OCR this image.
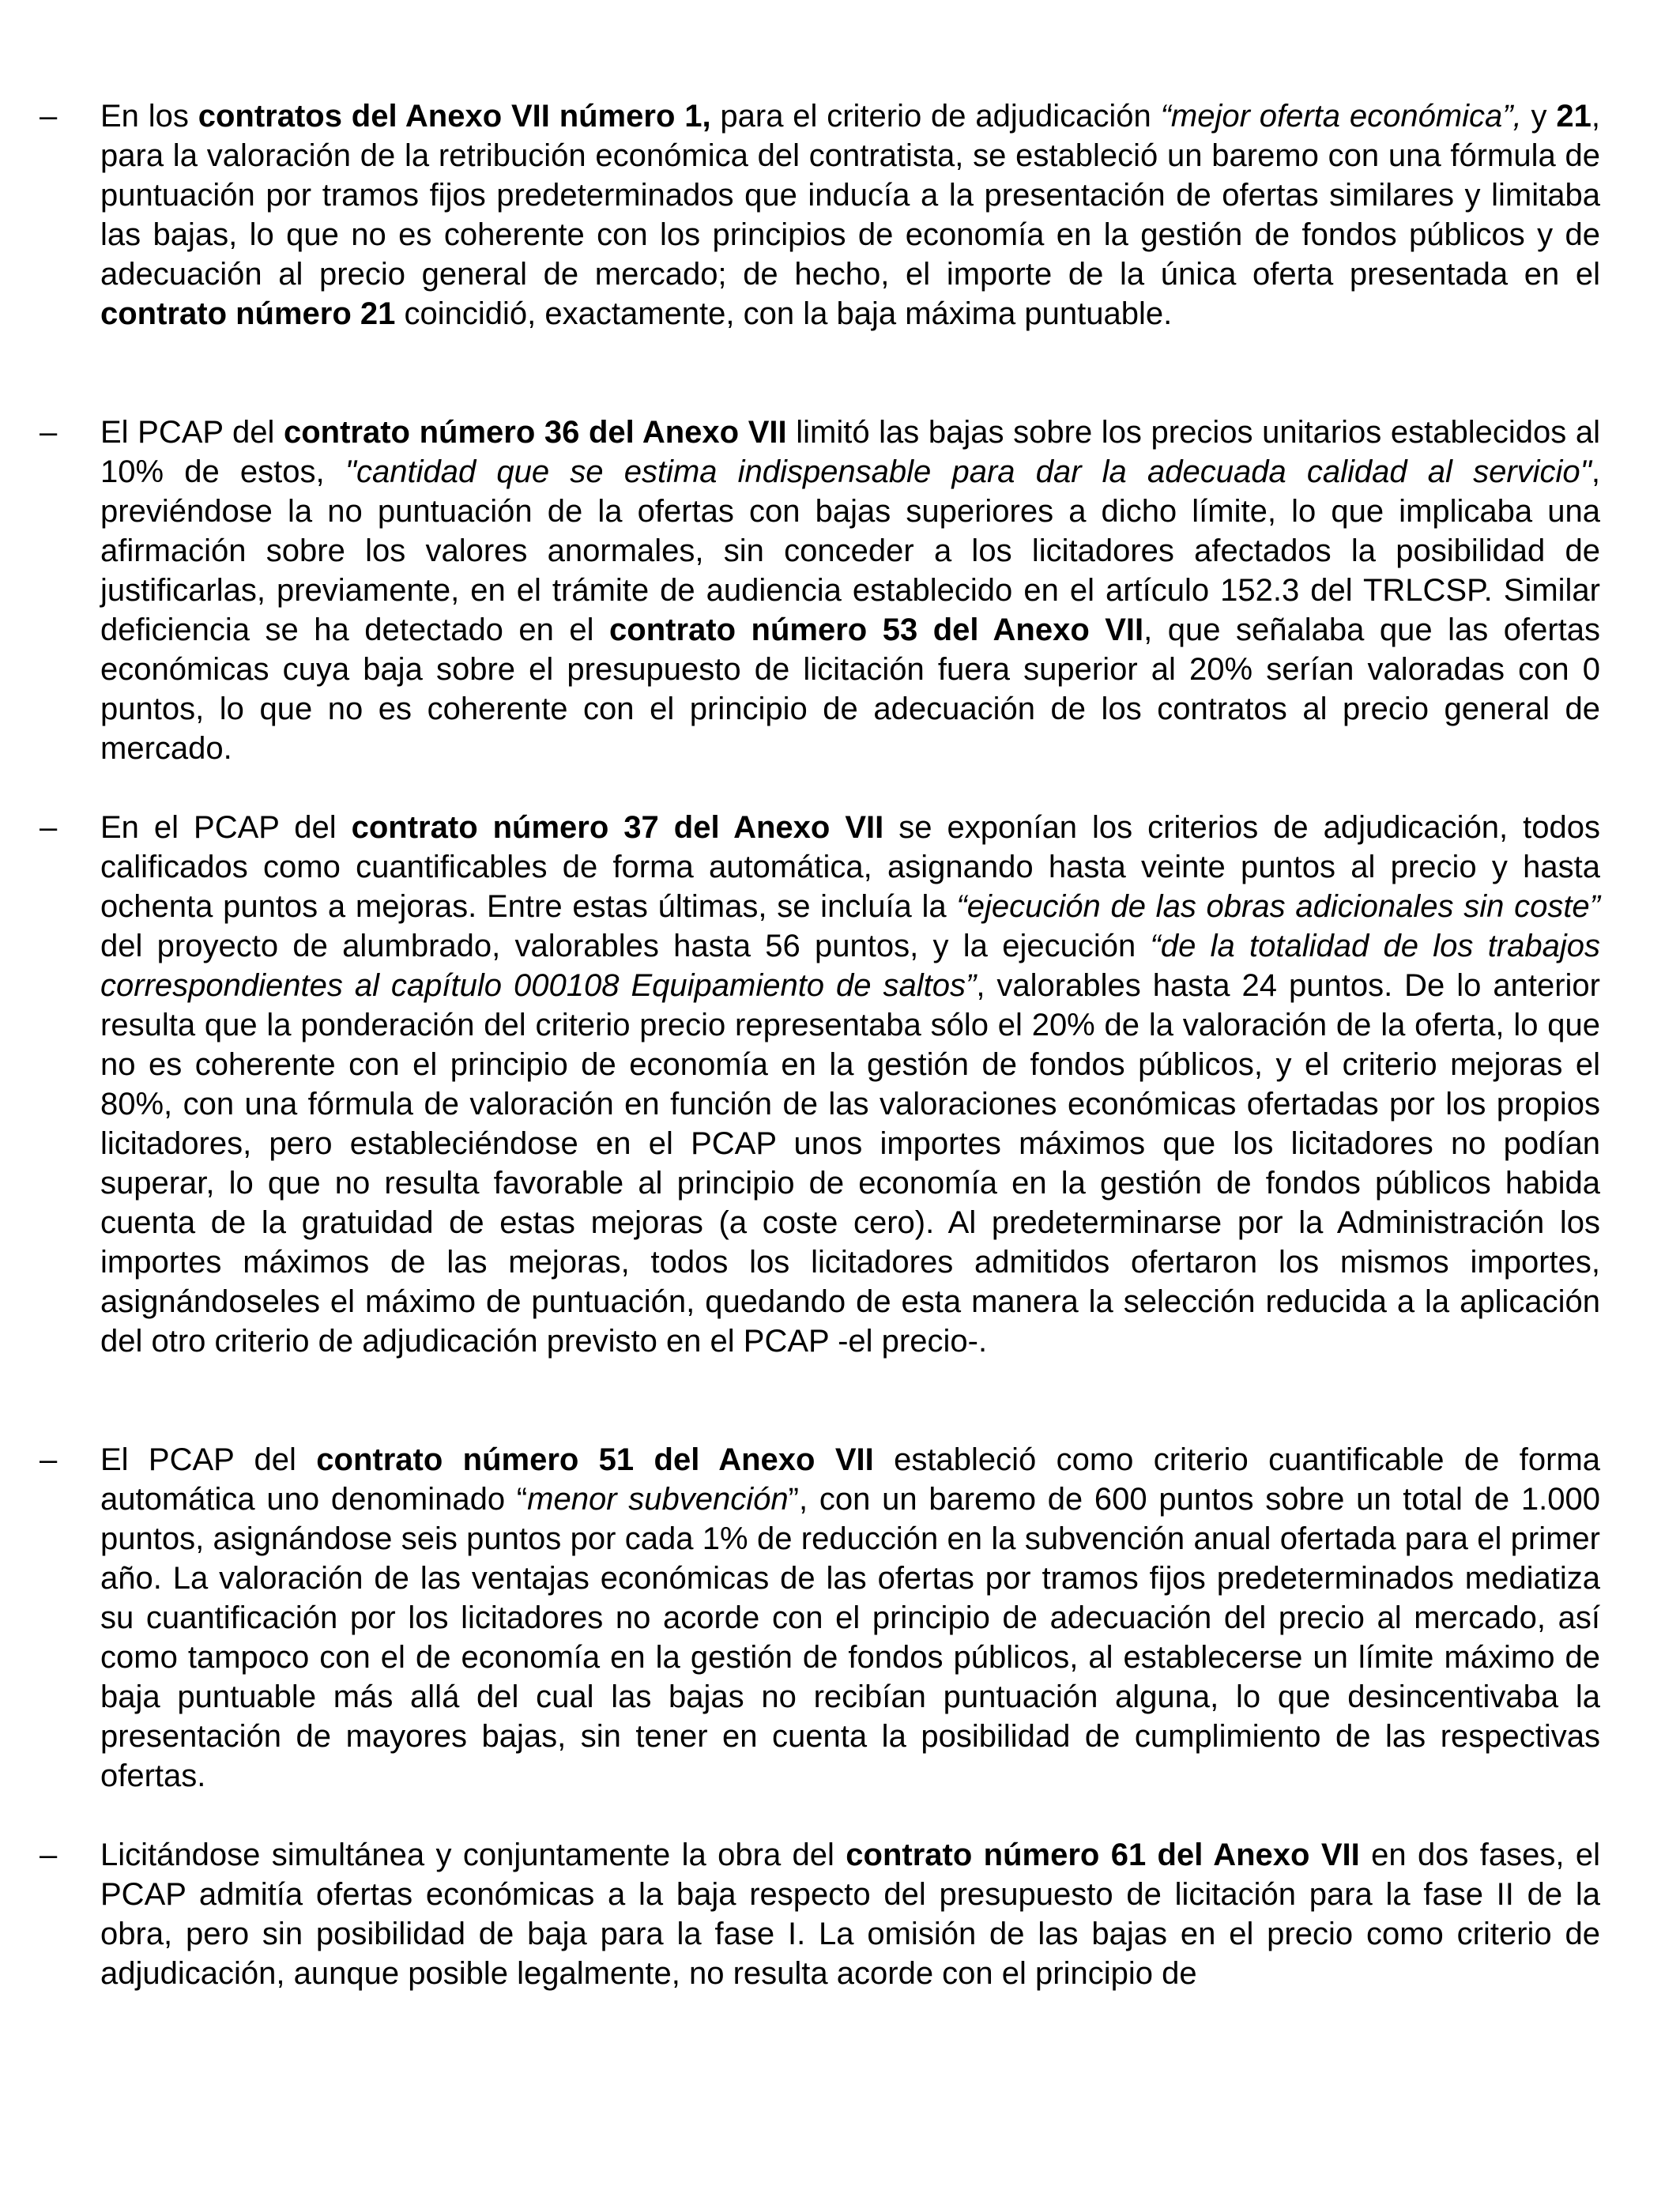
–	En los contratos del Anexo VII número 1, para el criterio de adjudicación “mejor oferta económica”, y 21, para la valoración de la retribución económica del contratista, se estableció un baremo con una fórmula de puntuación por tramos fijos predeterminados que inducía a la presentación de ofertas similares y limitaba las bajas, lo que no es coherente con los principios de economía en la gestión de fondos públicos y de adecuación al precio general de mercado; de hecho, el importe de la única oferta presentada en el contrato número 21 coincidió, exactamente, con la baja máxima puntuable.

–	El PCAP del contrato número 36 del Anexo VII limitó las bajas sobre los precios unitarios establecidos al 10% de estos, "cantidad que se estima indispensable para dar la adecuada calidad al servicio", previéndose la no puntuación de la ofertas con bajas superiores a dicho límite, lo que implicaba una afirmación sobre los valores anormales, sin conceder a los licitadores afectados la posibilidad de justificarlas, previamente, en el trámite de audiencia establecido en el artículo 152.3 del TRLCSP. Similar deficiencia se ha detectado en el contrato número 53 del Anexo VII, que señalaba que las ofertas económicas cuya baja sobre el presupuesto de licitación fuera superior al 20% serían valoradas con 0 puntos, lo que no es coherente con el principio de adecuación de los contratos al precio general de mercado.

–	En el PCAP del contrato número 37 del Anexo VII se exponían los criterios de adjudicación, todos calificados como cuantificables de forma automática, asignando hasta veinte puntos al precio y hasta ochenta puntos a mejoras. Entre estas últimas, se incluía la “ejecución de las obras adicionales sin coste” del proyecto de alumbrado, valorables hasta 56 puntos, y la ejecución “de la totalidad de los trabajos correspondientes al capítulo 000108 Equipamiento de saltos”, valorables hasta 24 puntos. De lo anterior resulta que la ponderación del criterio precio representaba sólo el 20% de la valoración de la oferta, lo que no es coherente con el principio de economía en la gestión de fondos públicos, y el criterio mejoras el 80%, con una fórmula de valoración en función de las valoraciones económicas ofertadas por los propios licitadores, pero estableciéndose en el PCAP unos importes máximos que los licitadores no podían superar, lo que no resulta favorable al principio de economía en la gestión de fondos públicos habida cuenta de la gratuidad de estas mejoras (a coste cero). Al predeterminarse por la Administración los importes máximos de las mejoras, todos los licitadores admitidos ofertaron los mismos importes, asignándoseles el máximo de puntuación, quedando de esta manera la selección reducida a la aplicación del otro criterio de adjudicación previsto en el PCAP -el precio-.

–	El PCAP del contrato número 51 del Anexo VII estableció como criterio cuantificable de forma automática uno denominado “menor subvención”, con un baremo de 600 puntos sobre un total de 1.000 puntos, asignándose seis puntos por cada 1% de reducción en la subvención anual ofertada para el primer año. La valoración de las ventajas económicas de las ofertas por tramos fijos predeterminados mediatiza su cuantificación por los licitadores no acorde con el principio de adecuación del precio al mercado, así como tampoco con el de economía en la gestión de fondos públicos, al establecerse un límite máximo de baja puntuable más allá del cual las bajas no recibían puntuación alguna, lo que desincentivaba la presentación de mayores bajas, sin tener en cuenta la posibilidad de cumplimiento de las respectivas ofertas.

–	Licitándose simultánea y conjuntamente la obra del contrato número 61 del Anexo VII en dos fases, el PCAP admitía ofertas económicas a la baja respecto del presupuesto de licitación para la fase II de la obra, pero sin posibilidad de baja para la fase I. La omisión de las bajas en el precio como criterio de adjudicación, aunque posible legalmente, no resulta acorde con el principio de
